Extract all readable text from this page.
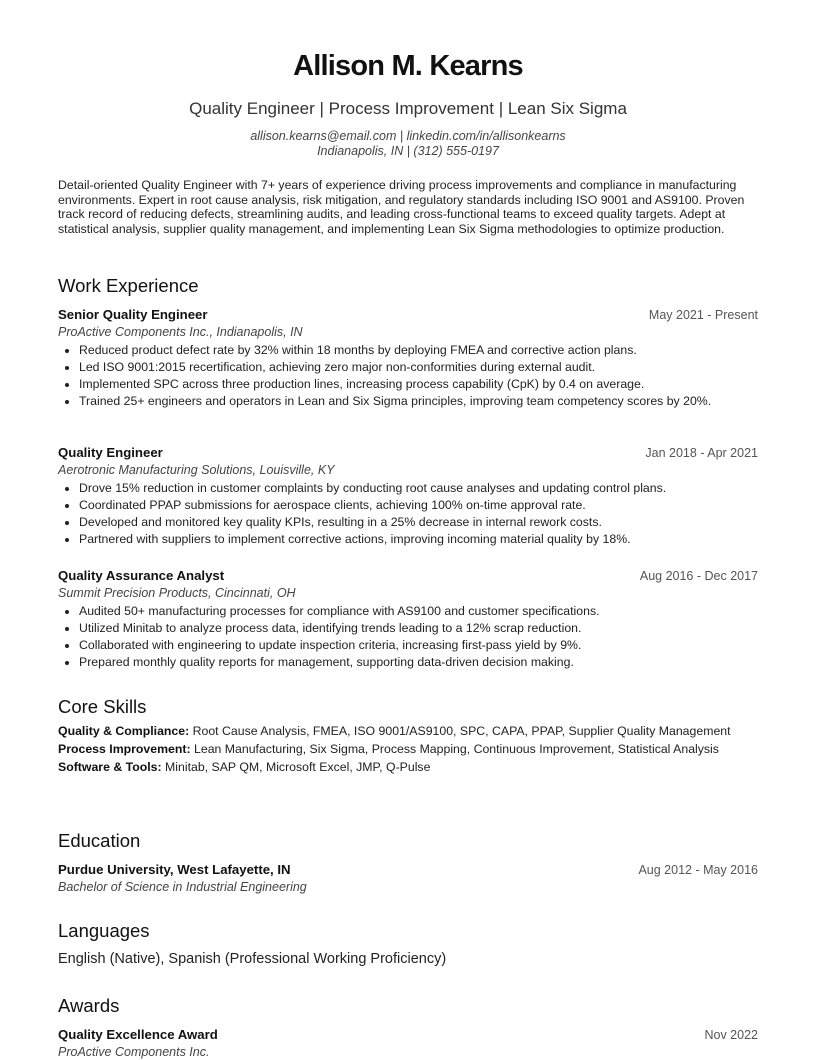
Allison M. Kearns
Quality Engineer | Process Improvement | Lean Six Sigma
allison.kearns@email.com | linkedin.com/in/allisonkearns
Indianapolis, IN | (312) 555-0197
Detail-oriented Quality Engineer with 7+ years of experience driving process improvements and compliance in manufacturing environments. Expert in root cause analysis, risk mitigation, and regulatory standards including ISO 9001 and AS9100. Proven track record of reducing defects, streamlining audits, and leading cross-functional teams to exceed quality targets. Adept at statistical analysis, supplier quality management, and implementing Lean Six Sigma methodologies to optimize production.
Work Experience
Senior Quality Engineer	May 2021 - Present
ProActive Components Inc., Indianapolis, IN
• Reduced product defect rate by 32% within 18 months by deploying FMEA and corrective action plans.
• Led ISO 9001:2015 recertification, achieving zero major non-conformities during external audit.
• Implemented SPC across three production lines, increasing process capability (CpK) by 0.4 on average.
• Trained 25+ engineers and operators in Lean and Six Sigma principles, improving team competency scores by 20%.
Quality Engineer	Jan 2018 - Apr 2021
Aerotronic Manufacturing Solutions, Louisville, KY
• Drove 15% reduction in customer complaints by conducting root cause analyses and updating control plans.
• Coordinated PPAP submissions for aerospace clients, achieving 100% on-time approval rate.
• Developed and monitored key quality KPIs, resulting in a 25% decrease in internal rework costs.
• Partnered with suppliers to implement corrective actions, improving incoming material quality by 18%.
Quality Assurance Analyst	Aug 2016 - Dec 2017
Summit Precision Products, Cincinnati, OH
• Audited 50+ manufacturing processes for compliance with AS9100 and customer specifications.
• Utilized Minitab to analyze process data, identifying trends leading to a 12% scrap reduction.
• Collaborated with engineering to update inspection criteria, increasing first-pass yield by 9%.
• Prepared monthly quality reports for management, supporting data-driven decision making.
Core Skills
Quality & Compliance: Root Cause Analysis, FMEA, ISO 9001/AS9100, SPC, CAPA, PPAP, Supplier Quality Management
Process Improvement: Lean Manufacturing, Six Sigma, Process Mapping, Continuous Improvement, Statistical Analysis
Software & Tools: Minitab, SAP QM, Microsoft Excel, JMP, Q-Pulse
Education
Purdue University, West Lafayette, IN	Aug 2012 - May 2016
Bachelor of Science in Industrial Engineering
Languages
English (Native), Spanish (Professional Working Proficiency)
Awards
Quality Excellence Award	Nov 2022
ProActive Components Inc.
